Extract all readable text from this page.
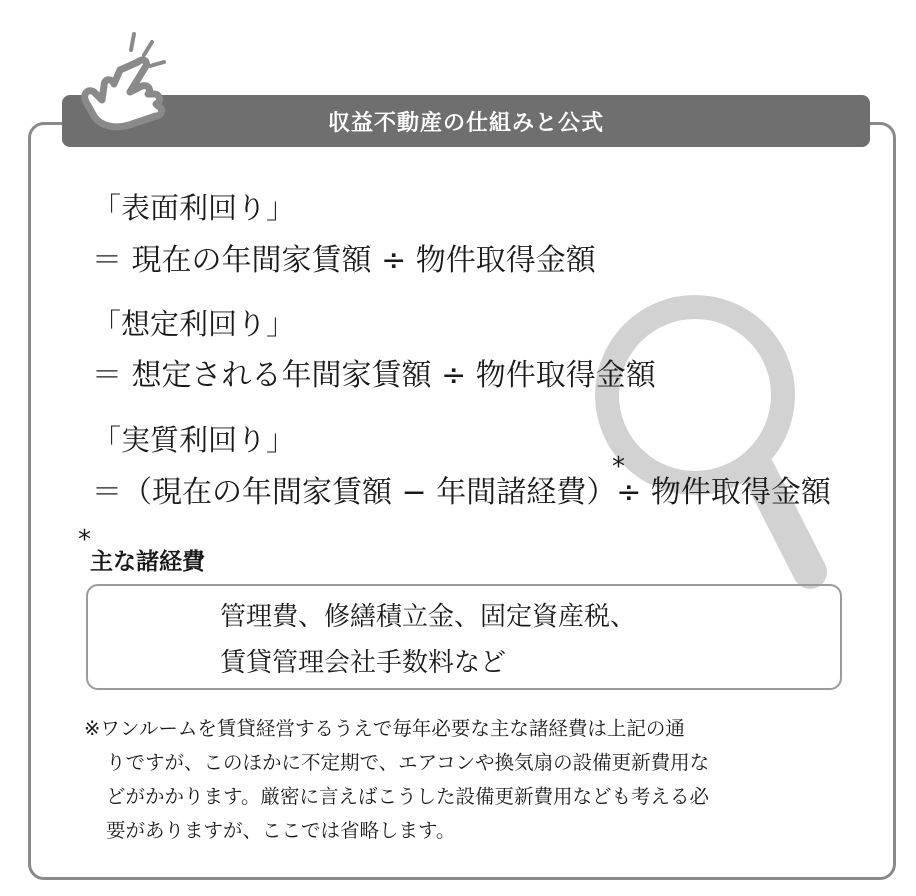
収益不動産の仕組みと公式
「表面利回り」
＝ 現在の年間家賃額 ÷ 物件取得金額
「想定利回り」
＝ 想定される年間家賃額 ÷ 物件取得金額
「実質利回り」
*
＝（現在の年間家賃額 − 年間諸経費）÷ 物件取得金額
*
主な諸経費
管理費、修繕積立金、固定資産税、
賃貸管理会社手数料など
※ワンルームを賃貸経営するうえで毎年必要な主な諸経費は上記の通
りですが、このほかに不定期で、エアコンや換気扇の設備更新費用な
どがかかります。厳密に言えばこうした設備更新費用なども考える必
要がありますが、ここでは省略します。
